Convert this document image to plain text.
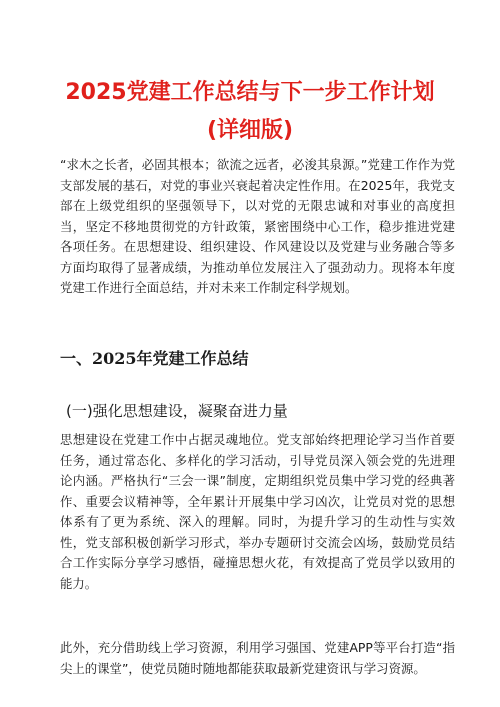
2025党建工作总结与下一步工作计划
(详细版)

“求木之长者，必固其根本；欲流之远者，必浚其泉源。”党建工作作为党支部发展的基石，对党的事业兴衰起着决定性作用。在2025年，我党支部在上级党组织的坚强领导下，以对党的无限忠诚和对事业的高度担当，坚定不移地贯彻党的方针政策，紧密围绕中心工作，稳步推进党建各项任务。在思想建设、组织建设、作风建设以及党建与业务融合等多方面均取得了显著成绩，为推动单位发展注入了强劲动力。现将本年度党建工作进行全面总结，并对未来工作制定科学规划。

一、2025年党建工作总结
(一)强化思想建设，凝聚奋进力量

思想建设在党建工作中占据灵魂地位。党支部始终把理论学习当作首要任务，通过常态化、多样化的学习活动，引导党员深入领会党的先进理论内涵。严格执行“三会一课”制度，定期组织党员集中学习党的经典著作、重要会议精神等，全年累计开展集中学习凶次，让党员对党的思想体系有了更为系统、深入的理解。同时，为提升学习的生动性与实效性，党支部积极创新学习形式，举办专题研讨交流会凶场，鼓励党员结合工作实际分享学习感悟，碰撞思想火花，有效提高了党员学以致用的能力。

此外，充分借助线上学习资源，利用学习强国、党建APP等平台打造“指尖上的课堂”，使党员随时随地都能获取最新党建资讯与学习资源。
